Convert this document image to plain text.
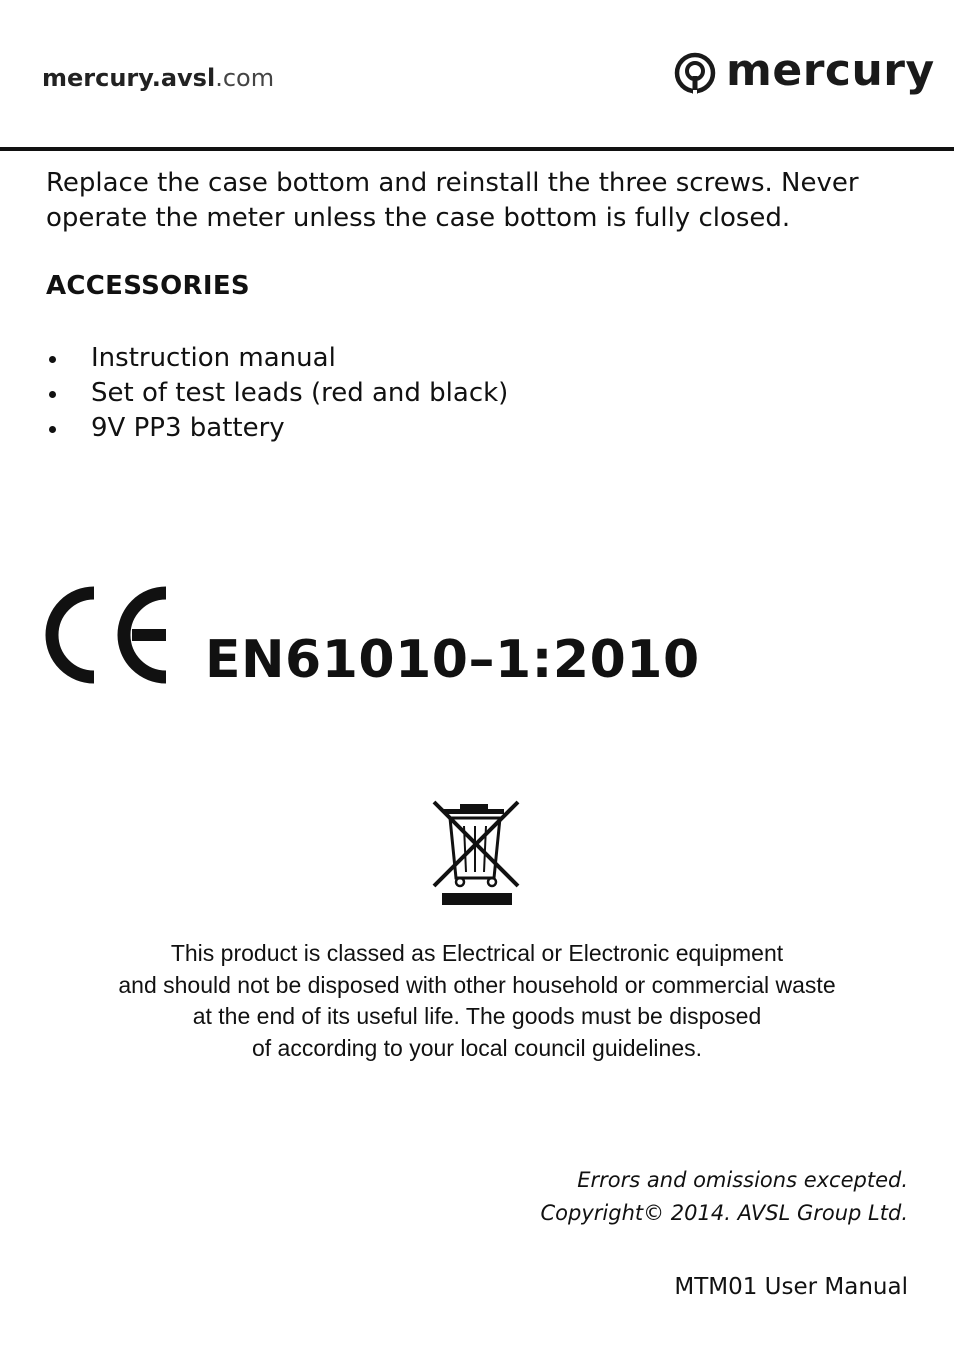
mercury.avsl.com	mercury

Replace the case bottom and reinstall the three screws. Never
operate the meter unless the case bottom is fully closed.

ACCESSORIES
Instruction manual
Set of test leads (red and black)
9V PP3 battery
EN61010–1:2010
This product is classed as Electrical or Electronic equipment
and should not be disposed with other household or commercial waste
at the end of its useful life. The goods must be disposed
of according to your local council guidelines.
Errors and omissions excepted.
Copyright© 2014. AVSL Group Ltd.
MTM01 User Manual
